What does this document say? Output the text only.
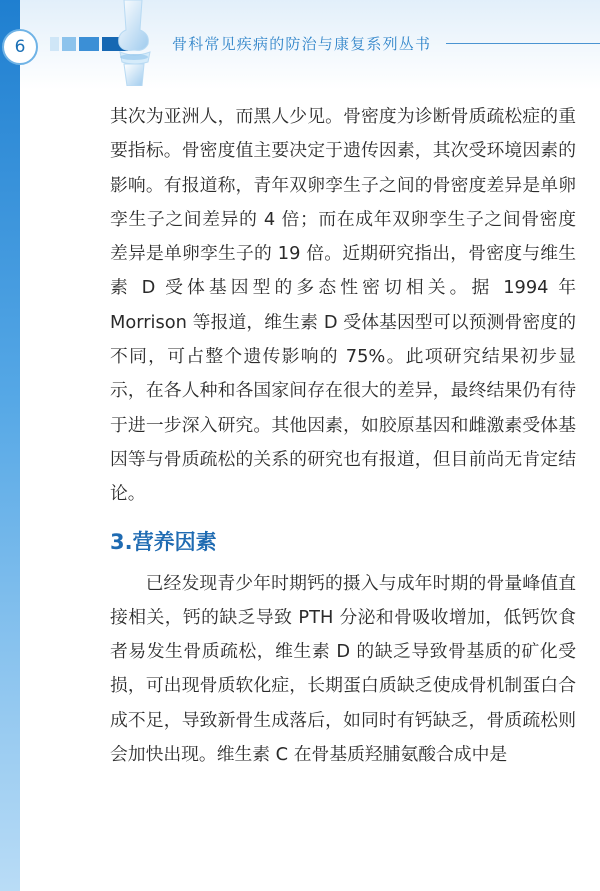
6	骨科常见疾病的防治与康复系列丛书

其次为亚洲人，而黑人少见。骨密度为诊断骨质疏松症的重要指标。骨密度值主要决定于遗传因素，其次受环境因素的影响。有报道称，青年双卵孪生子之间的骨密度差异是单卵孪生子之间差异的 4 倍；而在成年双卵孪生子之间骨密度差异是单卵孪生子的 19 倍。近期研究指出，骨密度与维生素 D 受体基因型的多态性密切相关。据 1994 年 Morrison 等报道，维生素 D 受体基因型可以预测骨密度的不同，可占整个遗传影响的 75%。此项研究结果初步显示，在各人种和各国家间存在很大的差异，最终结果仍有待于进一步深入研究。其他因素，如胶原基因和雌激素受体基因等与骨质疏松的关系的研究也有报道，但目前尚无肯定结论。

3.营养因素

已经发现青少年时期钙的摄入与成年时期的骨量峰值直接相关，钙的缺乏导致 PTH 分泌和骨吸收增加，低钙饮食者易发生骨质疏松，维生素 D 的缺乏导致骨基质的矿化受损，可出现骨质软化症，长期蛋白质缺乏使成骨机制蛋白合成不足，导致新骨生成落后，如同时有钙缺乏，骨质疏松则会加快出现。维生素 C 在骨基质羟脯氨酸合成中是
